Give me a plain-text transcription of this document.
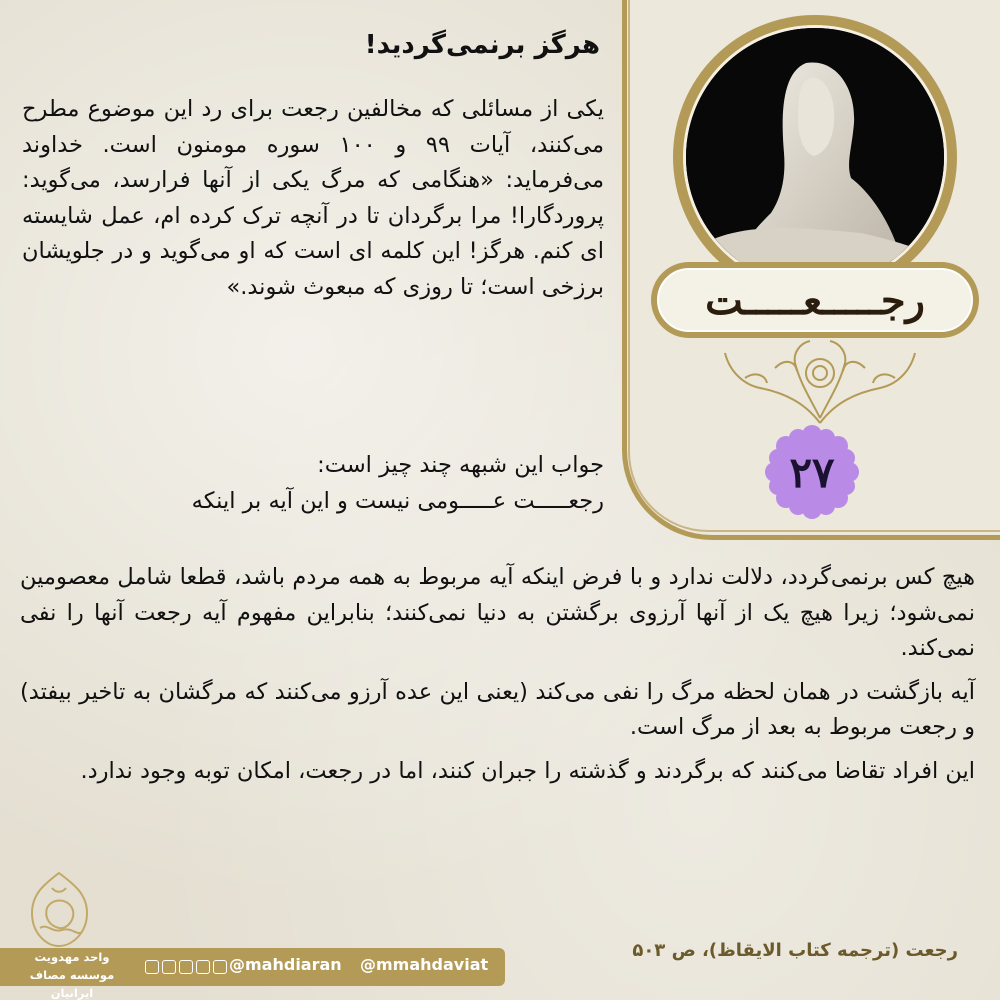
رجـــــعـــــت
۲۷
هرگز برنمی‌گردید!
یکی از مسائلی که مخالفین رجعت برای رد این موضوع مطرح می‌کنند، آیات ۹۹ و ۱۰۰ سوره مومنون است. خداوند می‌فرماید: «هنگامی که مرگ یکی از آنها فرارسد، می‌گوید: پروردگارا! مرا برگردان تا در آنچه ترک کرده ام، عمل شایسته ای کنم. هرگز! این کلمه ای است که او می‌گوید و در جلویشان برزخی است؛ تا روزی که مبعوث شوند.»
جواب این شبهه چند چیز است:
رجعـــــت عـــــومی نیست و این آیه بر اینکه

هیچ کس برنمی‌گردد، دلالت ندارد و با فرض اینکه آیه مربوط به همه مردم باشد، قطعا شامل معصومین نمی‌شود؛ زیرا هیچ یک از آنها آرزوی برگشتن به دنیا نمی‌کنند؛ بنابراین مفهوم آیه رجعت آنها را نفی نمی‌کند.

آیه بازگشت در همان لحظه مرگ را نفی می‌کند (یعنی این عده آرزو می‌کنند که مرگشان به تاخیر بیفتد) و رجعت مربوط به بعد از مرگ است.

این افراد تقاضا می‌کنند که برگردند و گذشته را جبران کنند، اما در رجعت، امکان توبه وجود ندارد.

رجعت (ترجمه کتاب الایقاظ)، ص ۵۰۳
واحد مهدویت
موسسه مصاف ایرانیان
@mahdiaran @mmahdaviat
